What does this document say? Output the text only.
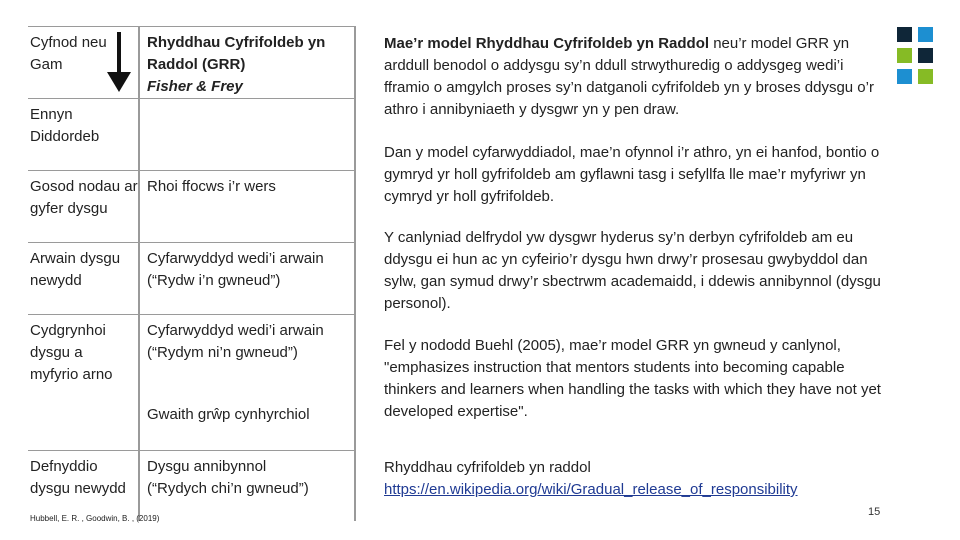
Cyfnod neu Gam
Rhyddhau Cyfrifoldeb yn Raddol (GRR)
Fisher & Frey
Ennyn Diddordeb
Gosod nodau ar gyfer dysgu
Rhoi ffocws i’r wers
Arwain dysgu newydd
Cyfarwyddyd wedi’i arwain
(“Rydw i’n gwneud”)
Cydgrynhoi dysgu a myfyrio arno
Cyfarwyddyd wedi’i arwain
(“Rydym ni’n gwneud”)
Gwaith grŵp cynhyrchiol
Defnyddio dysgu newydd
Dysgu annibynnol
(“Rydych chi’n gwneud”)
Hubbell, E. R. , Goodwin, B. , (2019)
Mae’r model Rhyddhau Cyfrifoldeb yn Raddol neu’r model GRR yn arddull benodol o addysgu sy’n ddull strwythuredig o addysgeg wedi’i fframio o amgylch proses sy’n datganoli cyfrifoldeb yn y broses ddysgu o’r athro i annibyniaeth y dysgwr yn y pen draw.
Dan y model cyfarwyddiadol, mae’n ofynnol i’r athro, yn ei hanfod, bontio o gymryd yr holl gyfrifoldeb am gyflawni tasg i sefyllfa lle mae’r myfyriwr yn cymryd yr holl gyfrifoldeb.
Y canlyniad delfrydol yw dysgwr hyderus sy’n derbyn cyfrifoldeb am eu ddysgu ei hun ac yn cyfeirio’r dysgu hwn drwy’r prosesau gwybyddol dan sylw, gan symud drwy’r sbectrwm academaidd, i ddewis annibynnol (dysgu personol).
Fel y nododd Buehl (2005), mae’r model GRR yn gwneud y canlynol, "emphasizes instruction that mentors students into becoming capable thinkers and learners when handling the tasks with which they have not yet developed expertise".
Rhyddhau cyfrifoldeb yn raddol
https://en.wikipedia.org/wiki/Gradual_release_of_responsibility
15
